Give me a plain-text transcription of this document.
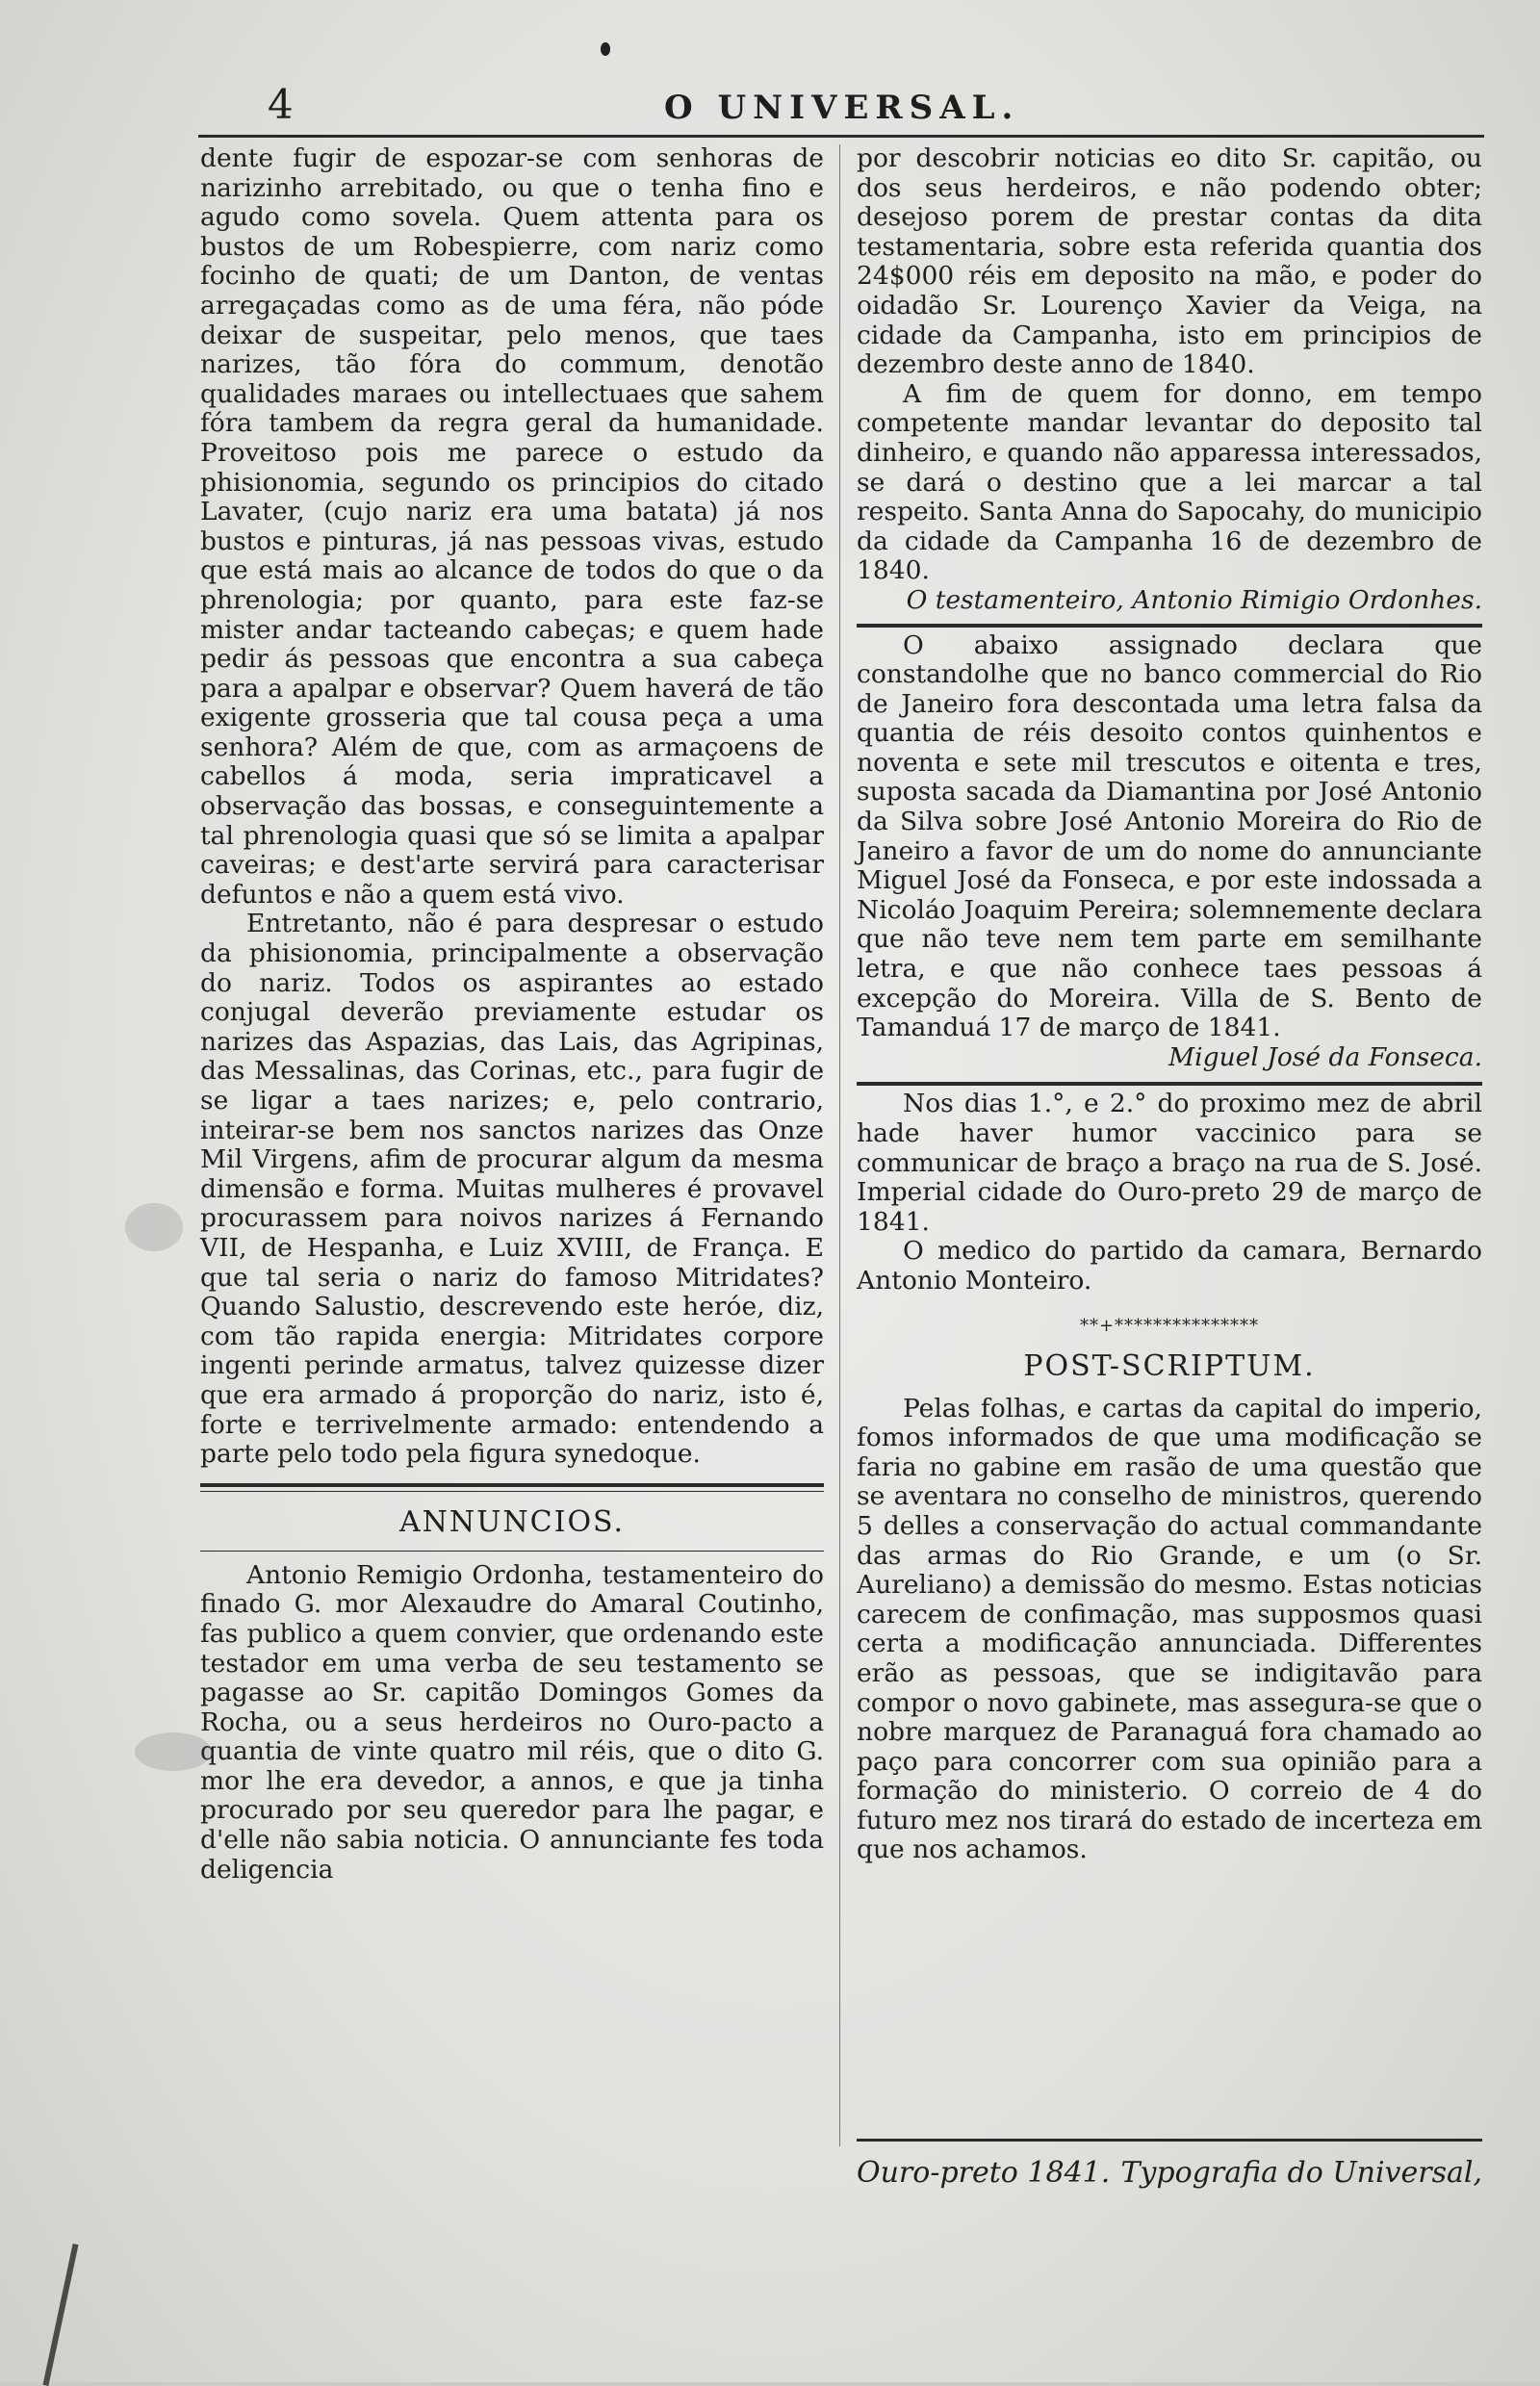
4	O UNIVERSAL.

dente fugir de espozar-se com senhoras de narizinho arrebitado, ou que o tenha fino e agudo como sovela. Quem attenta para os bustos de um Robespierre, com nariz como focinho de quati; de um Danton, de ventas arregaçadas como as de uma féra, não póde deixar de suspeitar, pelo menos, que taes narizes, tão fóra do commum, denotão qualidades maraes ou intellectuaes que sahem fóra tambem da regra geral da humanidade. Proveitoso pois me parece o estudo da phisionomia, segundo os principios do citado Lavater, (cujo nariz era uma batata) já nos bustos e pinturas, já nas pessoas vivas, estudo que está mais ao alcance de todos do que o da phrenologia; por quanto, para este faz-se mister andar tacteando cabeças; e quem hade pedir ás pessoas que encontra a sua cabeça para a apalpar e observar? Quem haverá de tão exigente grosseria que tal cousa peça a uma senhora? Além de que, com as armaçoens de cabellos á moda, seria impraticavel a observação das bossas, e conseguintemente a tal phrenologia quasi que só se limita a apalpar caveiras; e dest'arte servirá para caracterisar defuntos e não a quem está vivo.

Entretanto, não é para despresar o estudo da phisionomia, principalmente a observação do nariz. Todos os aspirantes ao estado conjugal deverão previamente estudar os narizes das Aspazias, das Lais, das Agripinas, das Messalinas, das Corinas, etc., para fugir de se ligar a taes narizes; e, pelo contrario, inteirar-se bem nos sanctos narizes das Onze Mil Virgens, afim de procurar algum da mesma dimensão e forma. Muitas mulheres é provavel procurassem para noivos narizes á Fernando VII, de Hespanha, e Luiz XVIII, de França. E que tal seria o nariz do famoso Mitridates? Quando Salustio, descrevendo este heróe, diz, com tão rapida energia: Mitridates corpore ingenti perinde armatus, talvez quizesse dizer que era armado á proporção do nariz, isto é, forte e terrivelmente armado: entendendo a parte pelo todo pela figura synedoque.

ANNUNCIOS.

Antonio Remigio Ordonha, testamenteiro do finado G. mor Alexaudre do Amaral Coutinho, fas publico a quem convier, que ordenando este testador em uma verba de seu testamento se pagasse ao Sr. capitão Domingos Gomes da Rocha, ou a seus herdeiros no Ouro-pacto a quantia de vinte quatro mil réis, que o dito G. mor lhe era devedor, a annos, e que ja tinha procurado por seu queredor para lhe pagar, e d'elle não sabia noticia. O annunciante fes toda deligencia

por descobrir noticias eo dito Sr. capitão, ou dos seus herdeiros, e não podendo obter; desejoso porem de prestar contas da dita testamentaria, sobre esta referida quantia dos 24$000 réis em deposito na mão, e poder do oidadão Sr. Lourenço Xavier da Veiga, na cidade da Campanha, isto em principios de dezembro deste anno de 1840.

A fim de quem for donno, em tempo competente mandar levantar do deposito tal dinheiro, e quando não apparessa interessados, se dará o destino que a lei marcar a tal respeito. Santa Anna do Sapocahy, do municipio da cidade da Campanha 16 de dezembro de 1840.

O testamenteiro, Antonio Rimigio Ordonhes.

O abaixo assignado declara que constandolhe que no banco commercial do Rio de Janeiro fora descontada uma letra falsa da quantia de réis desoito contos quinhentos e noventa e sete mil trescutos e oitenta e tres, suposta sacada da Diamantina por José Antonio da Silva sobre José Antonio Moreira do Rio de Janeiro a favor de um do nome do annunciante Miguel José da Fonseca, e por este indossada a Nicoláo Joaquim Pereira; solemnemente declara que não teve nem tem parte em semilhante letra, e que não conhece taes pessoas á excepção do Moreira. Villa de S. Bento de Tamanduá 17 de março de 1841.

Miguel José da Fonseca.

Nos dias 1.°, e 2.° do proximo mez de abril hade haver humor vaccinico para se communicar de braço a braço na rua de S. José. Imperial cidade do Ouro-preto 29 de março de 1841.

O medico do partido da camara, Bernardo Antonio Monteiro.

**+***************
POST-SCRIPTUM.

Pelas folhas, e cartas da capital do imperio, fomos informados de que uma modificação se faria no gabine em rasão de uma questão que se aventara no conselho de ministros, querendo 5 delles a conservação do actual commandante das armas do Rio Grande, e um (o Sr. Aureliano) a demissão do mesmo. Estas noticias carecem de confimação, mas supposmos quasi certa a modificação annunciada. Differentes erão as pessoas, que se indigitavão para compor o novo gabinete, mas assegura-se que o nobre marquez de Paranaguá fora chamado ao paço para concorrer com sua opinião para a formação do ministerio. O correio de 4 do futuro mez nos tirará do estado de incerteza em que nos achamos.

Ouro-preto 1841. Typografia do Universal,
